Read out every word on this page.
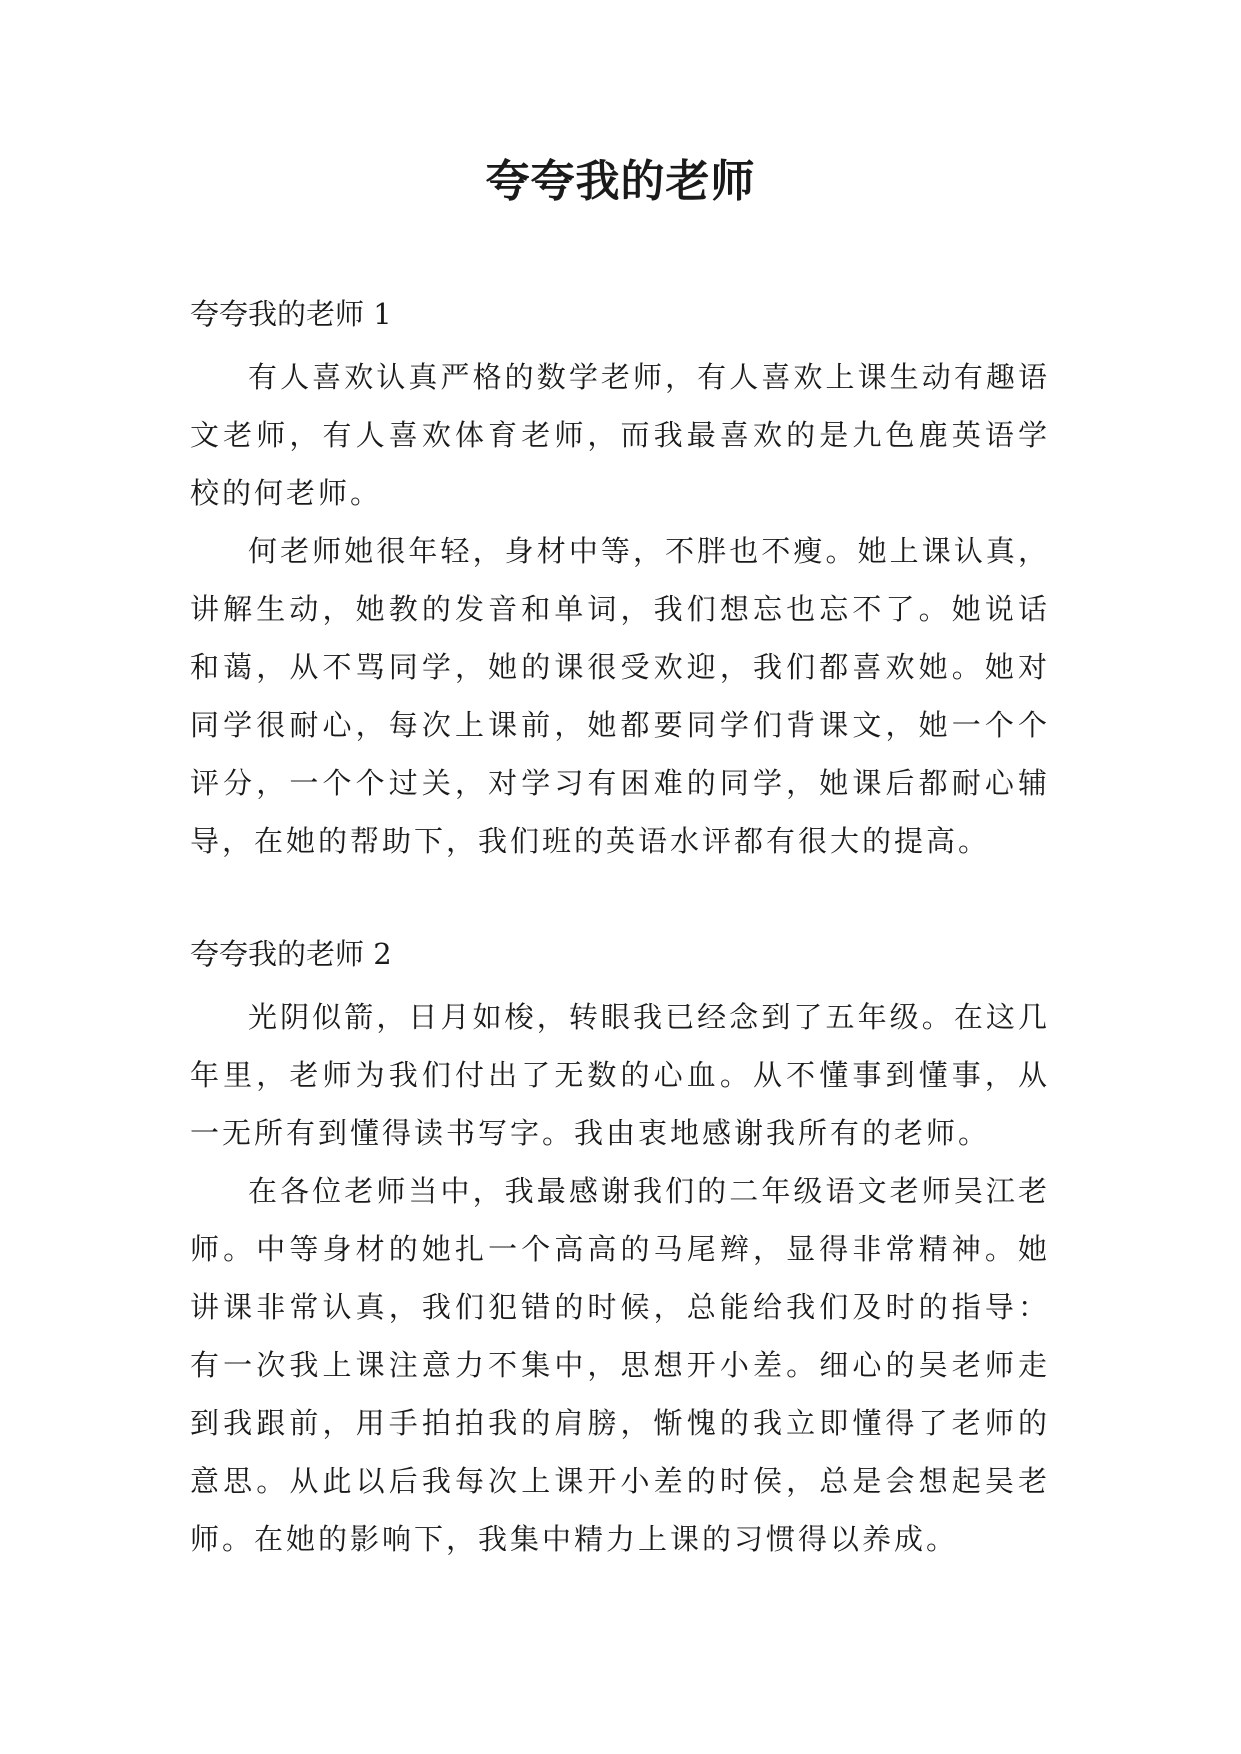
夸夸我的老师
夸夸我的老师 1

有人喜欢认真严格的数学老师，有人喜欢上课生动有趣语文老师，有人喜欢体育老师，而我最喜欢的是九色鹿英语学校的何老师。

何老师她很年轻，身材中等，不胖也不瘦。她上课认真，讲解生动，她教的发音和单词，我们想忘也忘不了。她说话和蔼，从不骂同学，她的课很受欢迎，我们都喜欢她。她对同学很耐心，每次上课前，她都要同学们背课文，她一个个评分，一个个过关，对学习有困难的同学，她课后都耐心辅导，在她的帮助下，我们班的英语水评都有很大的提高。

夸夸我的老师 2

光阴似箭，日月如梭，转眼我已经念到了五年级。在这几年里，老师为我们付出了无数的心血。从不懂事到懂事，从一无所有到懂得读书写字。我由衷地感谢我所有的老师。

在各位老师当中，我最感谢我们的二年级语文老师吴江老师。中等身材的她扎一个高高的马尾辫，显得非常精神。她讲课非常认真，我们犯错的时候，总能给我们及时的指导：有一次我上课注意力不集中，思想开小差。细心的吴老师走到我跟前，用手拍拍我的肩膀，惭愧的我立即懂得了老师的意思。从此以后我每次上课开小差的时侯，总是会想起吴老师。在她的影响下，我集中精力上课的习惯得以养成。
